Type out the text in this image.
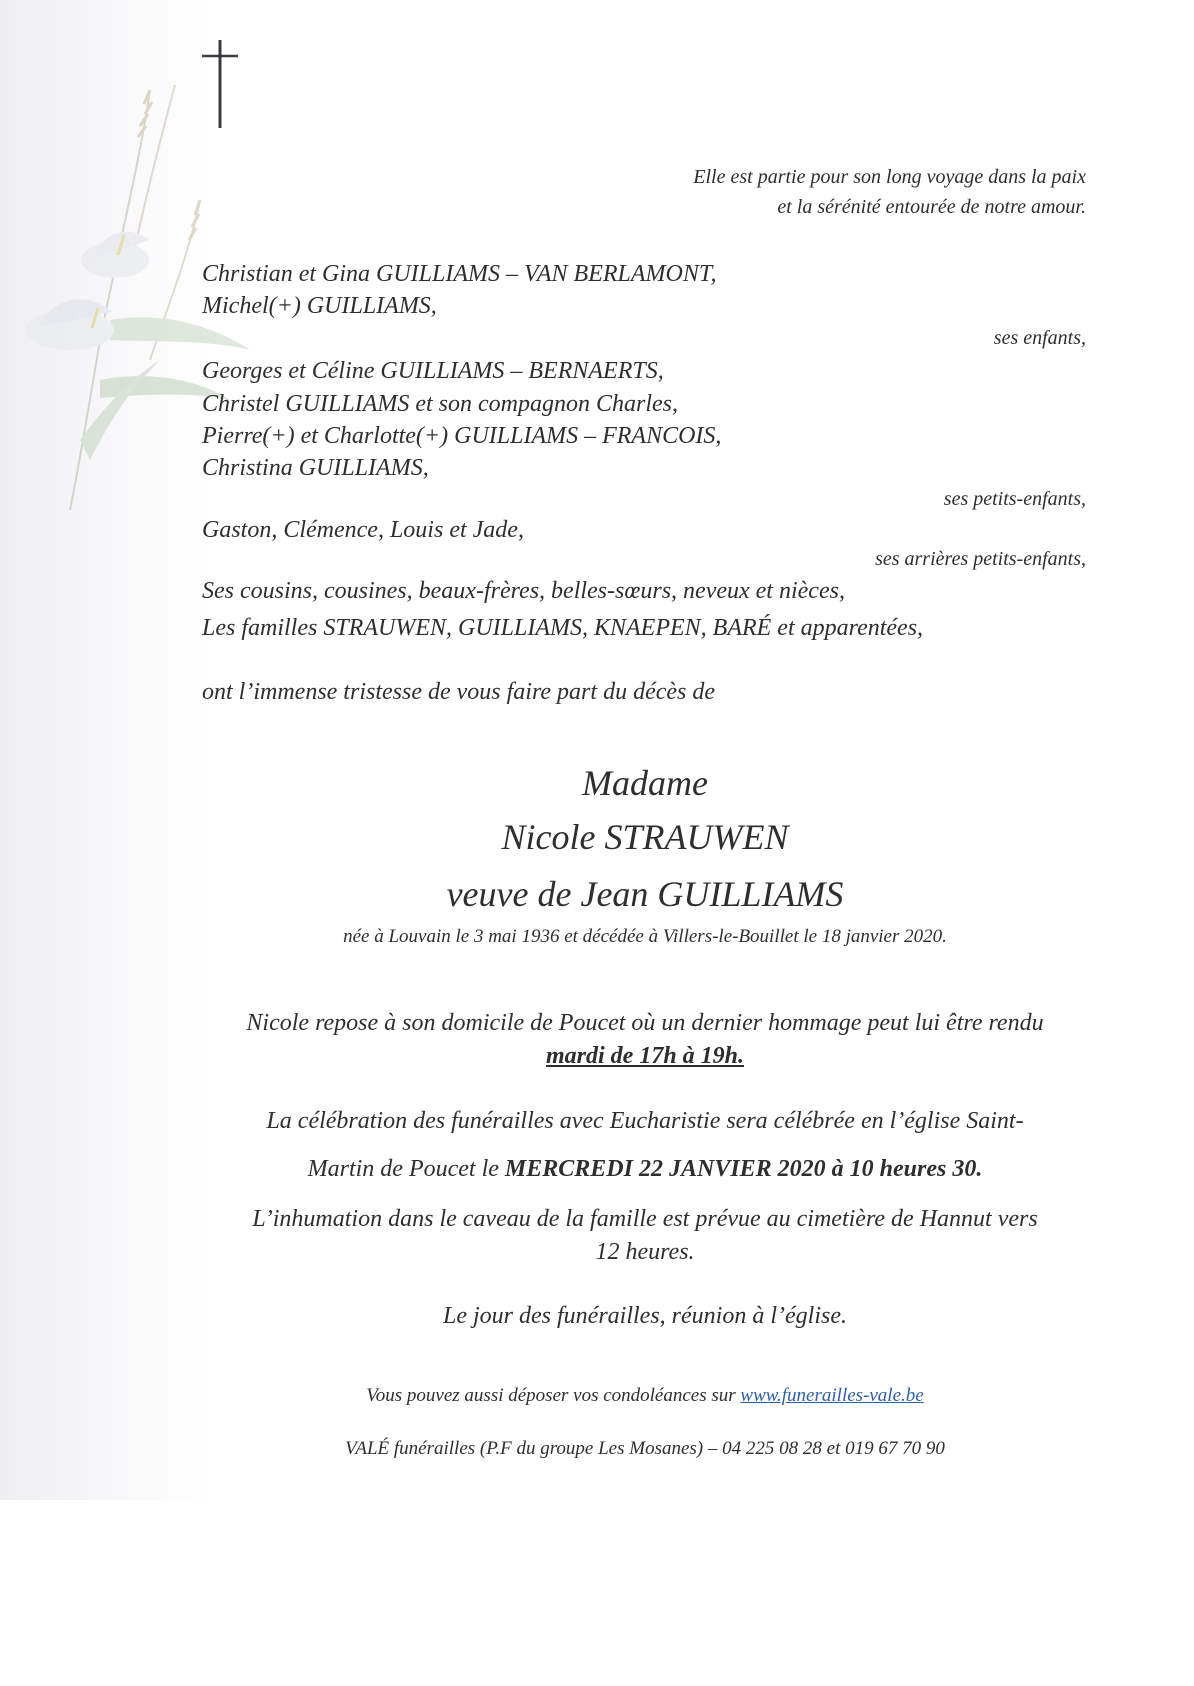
Elle est partie pour son long voyage dans la paix
et la sérénité entourée de notre amour.
Christian et Gina GUILLIAMS – VAN BERLAMONT,
Michel(+) GUILLIAMS,
ses enfants,
Georges et Céline GUILLIAMS – BERNAERTS,
Christel GUILLIAMS et son compagnon Charles,
Pierre(+) et Charlotte(+) GUILLIAMS – FRANCOIS,
Christina GUILLIAMS,
ses petits-enfants,
Gaston, Clémence, Louis et Jade,
ses arrières petits-enfants,
Ses cousins, cousines, beaux-frères, belles-sœurs, neveux et nièces,
Les familles STRAUWEN, GUILLIAMS, KNAEPEN, BARÉ et apparentées,
ont l’immense tristesse de vous faire part du décès de
Madame
Nicole STRAUWEN
veuve de Jean GUILLIAMS
née à Louvain le 3 mai 1936 et décédée à Villers-le-Bouillet le 18 janvier 2020.
Nicole repose à son domicile de Poucet où un dernier hommage peut lui être rendu
mardi de 17h à 19h.
La célébration des funérailles avec Eucharistie sera célébrée en l’église Saint-
Martin de Poucet le MERCREDI 22 JANVIER 2020 à 10 heures 30.
L’inhumation dans le caveau de la famille est prévue au cimetière de Hannut vers
12 heures.
Le jour des funérailles, réunion à l’église.
Vous pouvez aussi déposer vos condoléances sur www.funerailles-vale.be
VALÉ funérailles (P.F du groupe Les Mosanes) – 04 225 08 28 et 019 67 70 90
